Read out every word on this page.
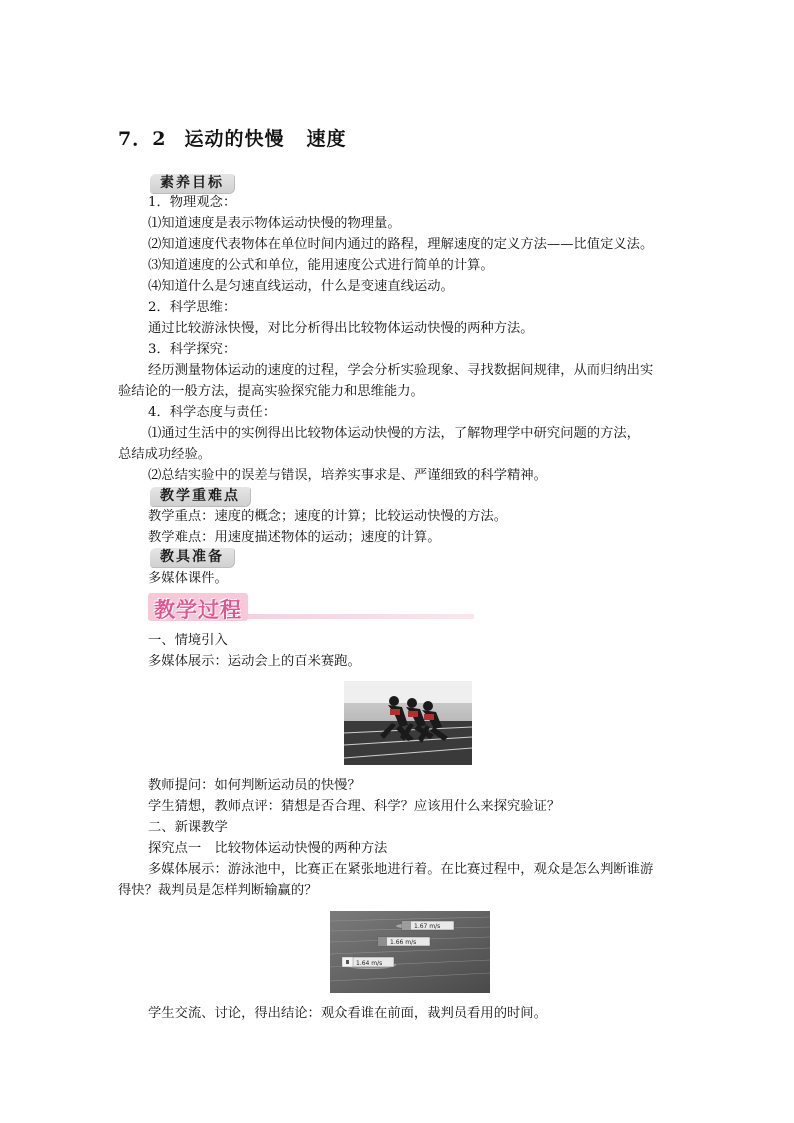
7．2 运动的快慢 速度
素养目标
1．物理观念：
⑴知道速度是表示物体运动快慢的物理量。
⑵知道速度代表物体在单位时间内通过的路程，理解速度的定义方法——比值定义法。
⑶知道速度的公式和单位，能用速度公式进行简单的计算。
⑷知道什么是匀速直线运动，什么是变速直线运动。
2．科学思维：
通过比较游泳快慢，对比分析得出比较物体运动快慢的两种方法。
3．科学探究：
经历测量物体运动的速度的过程，学会分析实验现象、寻找数据间规律，从而归纳出实
验结论的一般方法，提高实验探究能力和思维能力。
4．科学态度与责任：
⑴通过生活中的实例得出比较物体运动快慢的方法，了解物理学中研究问题的方法，
总结成功经验。
⑵总结实验中的误差与错误，培养实事求是、严谨细致的科学精神。
教学重难点
教学重点：速度的概念；速度的计算；比较运动快慢的方法。
教学难点：用速度描述物体的运动；速度的计算。
教具准备
多媒体课件。
教学过程
一、情境引入
多媒体展示：运动会上的百米赛跑。
教师提问：如何判断运动员的快慢？
学生猜想，教师点评：猜想是否合理、科学？应该用什么来探究验证？
二、新课教学
探究点一　比较物体运动快慢的两种方法
多媒体展示：游泳池中，比赛正在紧张地进行着。在比赛过程中，观众是怎么判断谁游
得快？裁判员是怎样判断输赢的？
1.67 m/s
1.66 m/s
1.64 m/s
学生交流、讨论，得出结论：观众看谁在前面，裁判员看用的时间。
